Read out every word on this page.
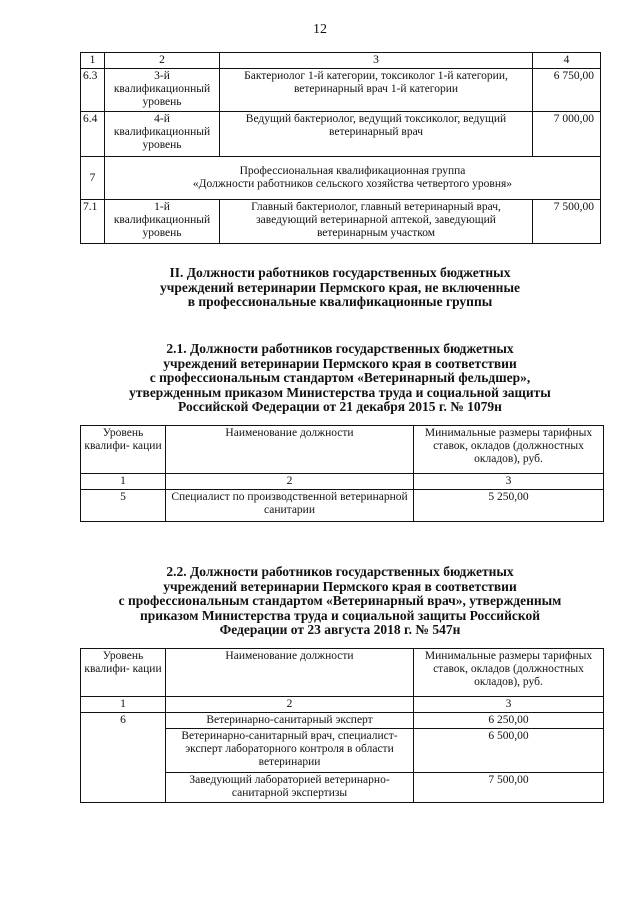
12
1	2	3	4
6.3	3-й квалификационный уровень	Бактериолог 1-й категории, токсиколог 1-й категории, ветеринарный врач 1-й категории	6 750,00
6.4	4-й квалификационный уровень	Ведущий бактериолог, ведущий токсиколог, ведущий ветеринарный врач	7 000,00
7	Профессиональная квалификационная группа
«Должности работников сельского хозяйства четвертого уровня»		

7.1	1-й квалификационный уровень	Главный бактериолог, главный ветеринарный врач, заведующий ветеринарной аптекой, заведующий ветеринарным участком	7 500,00
II. Должности работников государственных бюджетных
учреждений ветеринарии Пермского края, не включенные
в профессиональные квалификационные группы
2.1. Должности работников государственных бюджетных
учреждений ветеринарии Пермского края в соответствии
с профессиональным стандартом «Ветеринарный фельдшер»,
утвержденным приказом Министерства труда и социальной защиты
Российской Федерации от 21 декабря 2015 г. № 1079н
Уровень квалифи- кации	Наименование должности	Минимальные размеры тарифных ставок, окладов (должностных окладов), руб.
1	2	3
5	Специалист по производственной ветеринарной санитарии	5 250,00
2.2. Должности работников государственных бюджетных
учреждений ветеринарии Пермского края в соответствии
с профессиональным стандартом «Ветеринарный врач», утвержденным
приказом Министерства труда и социальной защиты Российской
Федерации от 23 августа 2018 г. № 547н
Уровень квалифи- кации	Наименование должности	Минимальные размеры тарифных ставок, окладов (должностных окладов), руб.
1	2	3
6	Ветеринарно-санитарный эксперт	6 250,00
	Ветеринарно-санитарный врач, специалист-эксперт лабораторного контроля в области ветеринарии	6 500,00
	Заведующий лабораторией ветеринарно-санитарной экспертизы	7 500,00
